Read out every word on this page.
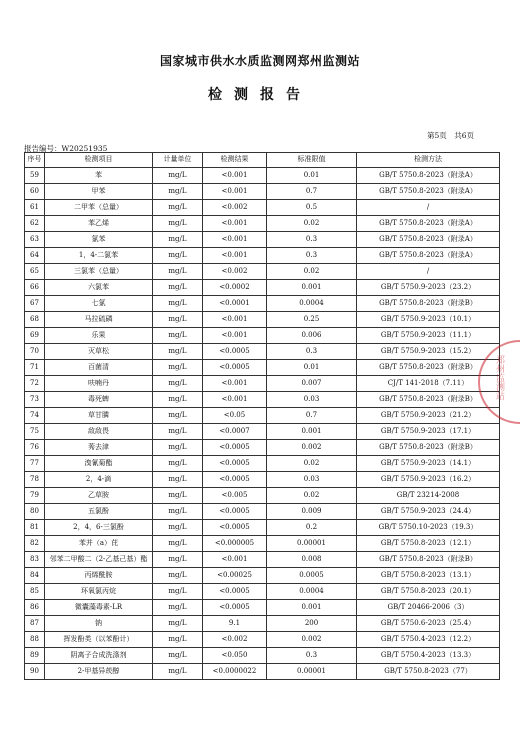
国家城市供水水质监测网郑州监测站
检测报告
第5页　共6页
报告编号：W20251935
序号	检测项目	计量单位	检测结果	标准限值	检测方法
59	苯	mg/L	<0.001	0.01	GB/T 5750.8-2023（附录A）
60	甲苯	mg/L	<0.001	0.7	GB/T 5750.8-2023（附录A）
61	二甲苯（总量）	mg/L	<0.002	0.5	/
62	苯乙烯	mg/L	<0.001	0.02	GB/T 5750.8-2023（附录A）
63	氯苯	mg/L	<0.001	0.3	GB/T 5750.8-2023（附录A）
64	1，4-二氯苯	mg/L	<0.001	0.3	GB/T 5750.8-2023（附录A）
65	三氯苯（总量）	mg/L	<0.002	0.02	/
66	六氯苯	mg/L	<0.0002	0.001	GB/T 5750.9-2023（23.2）
67	七氯	mg/L	<0.0001	0.0004	GB/T 5750.8-2023（附录B）
68	马拉硫磷	mg/L	<0.001	0.25	GB/T 5750.9-2023（10.1）
69	乐果	mg/L	<0.001	0.006	GB/T 5750.9-2023（11.1）
70	灭草松	mg/L	<0.0005	0.3	GB/T 5750.9-2023（15.2）
71	百菌清	mg/L	<0.0005	0.01	GB/T 5750.8-2023（附录B）
72	呋喃丹	mg/L	<0.001	0.007	CJ/T 141-2018（7.11）
73	毒死蜱	mg/L	<0.001	0.03	GB/T 5750.8-2023（附录B）
74	草甘膦	mg/L	<0.05	0.7	GB/T 5750.9-2023（21.2）
75	敌敌畏	mg/L	<0.0007	0.001	GB/T 5750.9-2023（17.1）
76	莠去津	mg/L	<0.0005	0.002	GB/T 5750.8-2023（附录B）
77	溴氰菊酯	mg/L	<0.0005	0.02	GB/T 5750.9-2023（14.1）
78	2，4-滴	mg/L	<0.0005	0.03	GB/T 5750.9-2023（16.2）
79	乙草胺	mg/L	<0.005	0.02	GB/T 23214-2008
80	五氯酚	mg/L	<0.0005	0.009	GB/T 5750.9-2023（24.4）
81	2，4，6-三氯酚	mg/L	<0.0005	0.2	GB/T 5750.10-2023（19.3）
82	苯并（a）芘	mg/L	<0.000005	0.00001	GB/T 5750.8-2023（12.1）
83	邻苯二甲酸二（2-乙基己基）酯	mg/L	<0.001	0.008	GB/T 5750.8-2023（附录B）
84	丙烯酰胺	mg/L	<0.00025	0.0005	GB/T 5750.8-2023（13.1）
85	环氧氯丙烷	mg/L	<0.0005	0.0004	GB/T 5750.8-2023（20.1）
86	微囊藻毒素-LR	mg/L	<0.0005	0.001	GB/T 20466-2006（3）
87	钠	mg/L	9.1	200	GB/T 5750.6-2023（25.4）
88	挥发酚类（以苯酚计）	mg/L	<0.002	0.002	GB/T 5750.4-2023（12.2）
89	阴离子合成洗涤剂	mg/L	<0.050	0.3	GB/T 5750.4-2023（13.3）
90	2-甲基异莰醇	mg/L	<0.0000022	0.00001	GB/T 5750.8-2023（77）
郑州监测站
